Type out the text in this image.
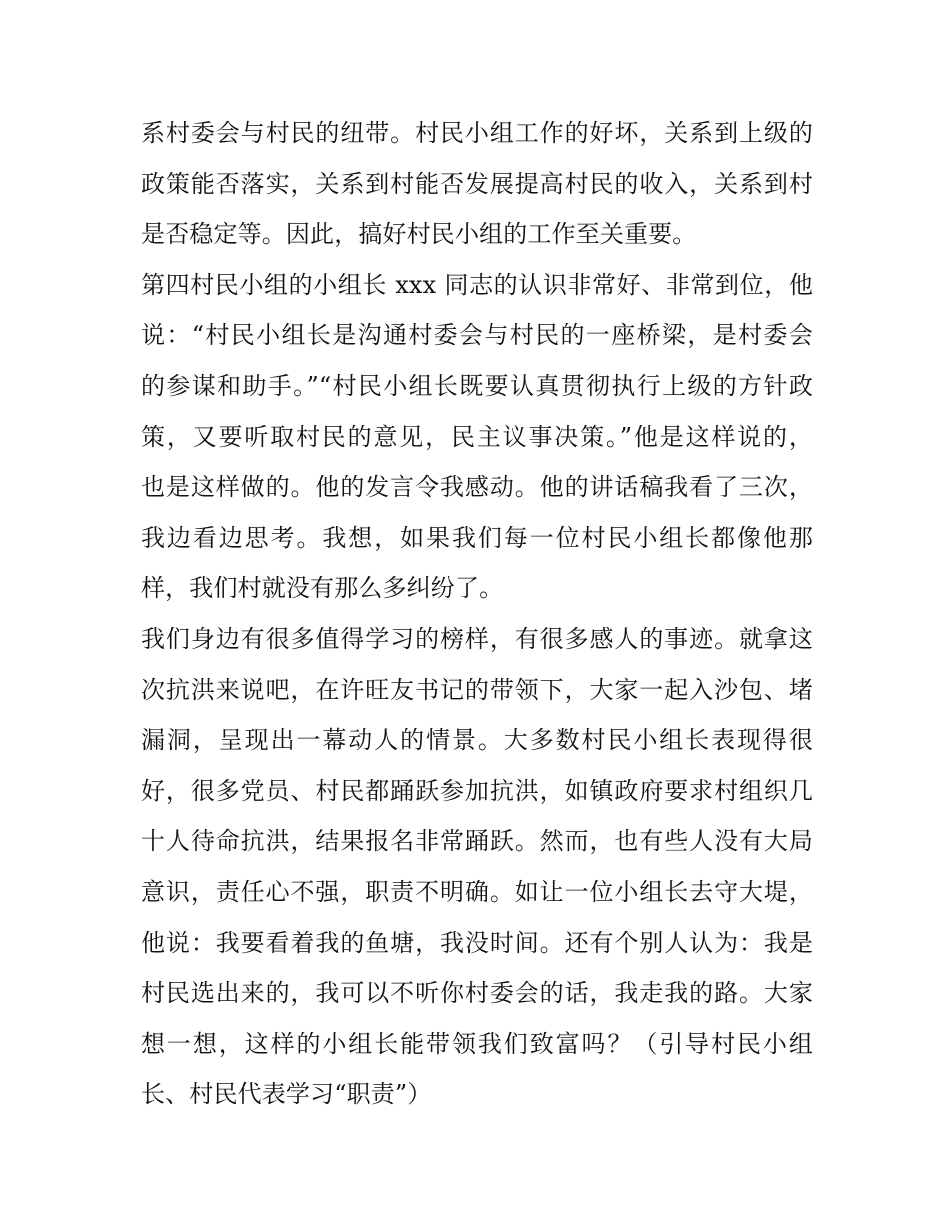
系村委会与村民的纽带。村民小组工作的好坏，关系到上级的
政策能否落实，关系到村能否发展提高村民的收入，关系到村
是否稳定等。因此，搞好村民小组的工作至关重要。
第四村民小组的小组长 xxx 同志的认识非常好、非常到位，他
说：“村民小组长是沟通村委会与村民的一座桥梁，是村委会
的参谋和助手。”“村民小组长既要认真贯彻执行上级的方针政
策，又要听取村民的意见，民主议事决策。”他是这样说的，
也是这样做的。他的发言令我感动。他的讲话稿我看了三次，
我边看边思考。我想，如果我们每一位村民小组长都像他那
样，我们村就没有那么多纠纷了。
我们身边有很多值得学习的榜样，有很多感人的事迹。就拿这
次抗洪来说吧，在许旺友书记的带领下，大家一起入沙包、堵
漏洞，呈现出一幕动人的情景。大多数村民小组长表现得很
好，很多党员、村民都踊跃参加抗洪，如镇政府要求村组织几
十人待命抗洪，结果报名非常踊跃。然而，也有些人没有大局
意识，责任心不强，职责不明确。如让一位小组长去守大堤，
他说：我要看着我的鱼塘，我没时间。还有个别人认为：我是
村民选出来的，我可以不听你村委会的话，我走我的路。大家
想一想，这样的小组长能带领我们致富吗？（引导村民小组
长、村民代表学习“职责”）
